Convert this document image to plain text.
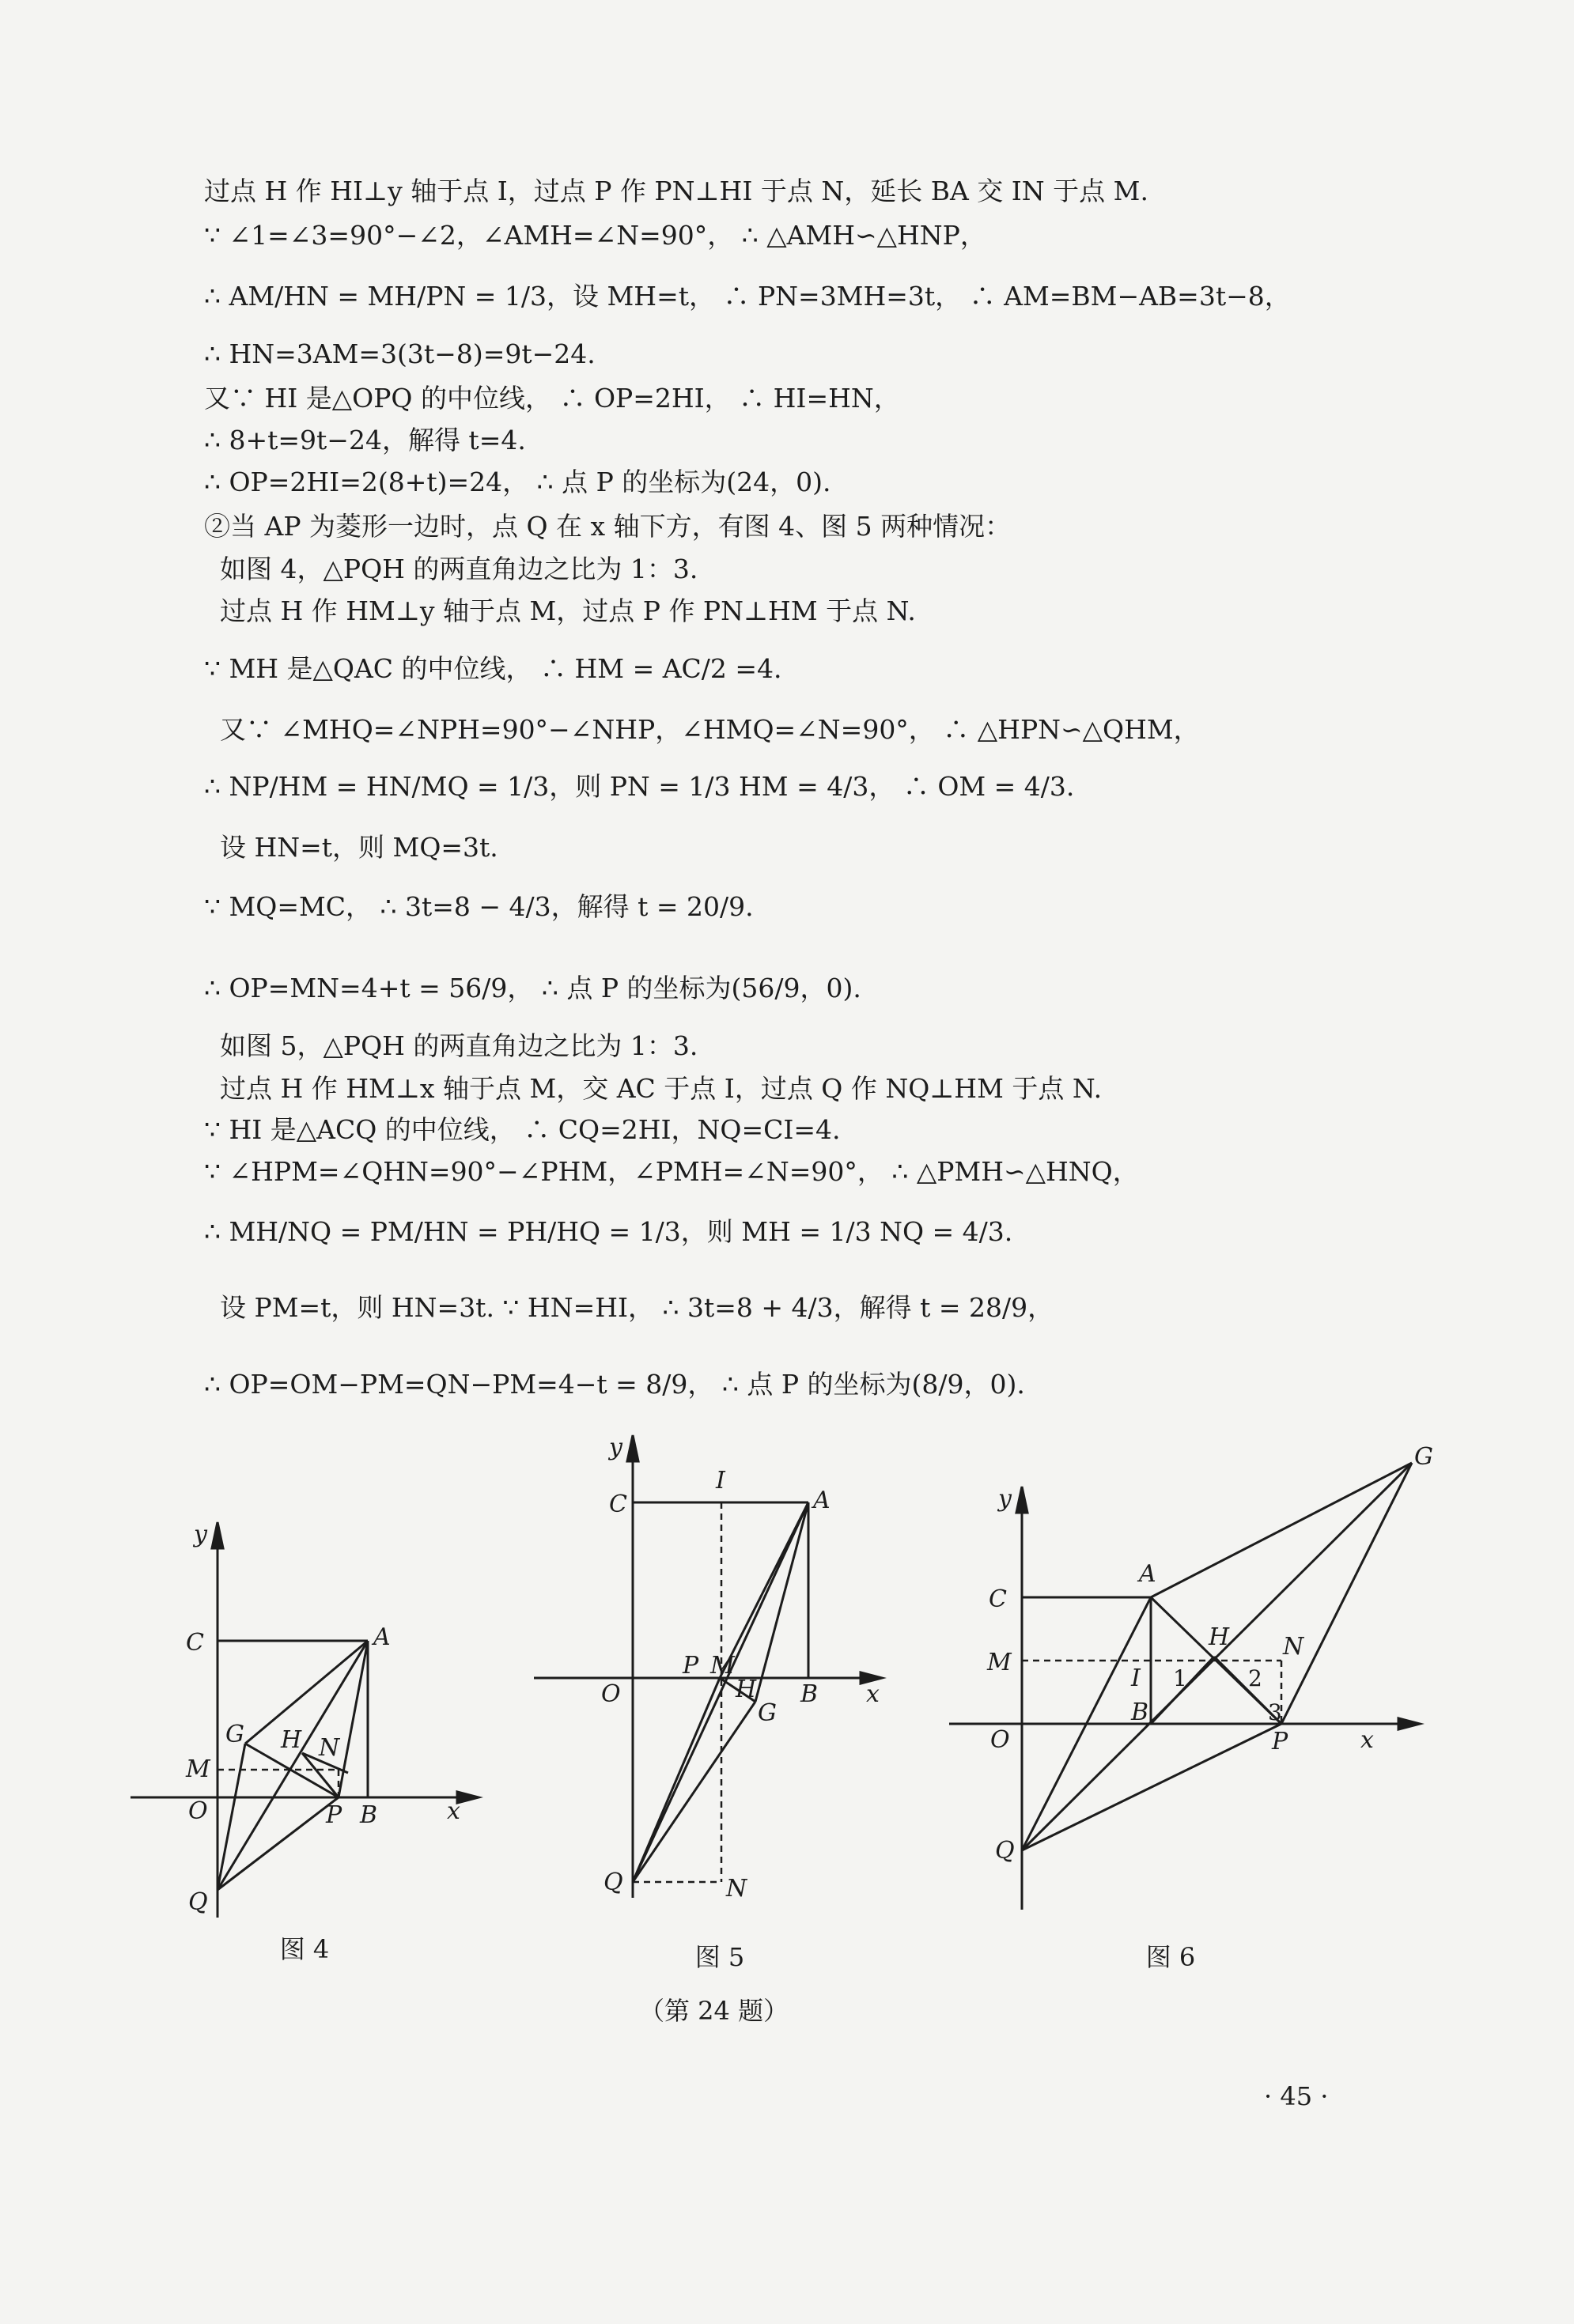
过点 H 作 HI⊥y 轴于点 I，过点 P 作 PN⊥HI 于点 N，延长 BA 交 IN 于点 M.
∵ ∠1=∠3=90°−∠2，∠AMH=∠N=90°， ∴ △AMH∽△HNP，
∴ AM/HN = MH/PN = 1/3，设 MH=t， ∴ PN=3MH=3t， ∴ AM=BM−AB=3t−8，
∴ HN=3AM=3(3t−8)=9t−24.
又∵ HI 是△OPQ 的中位线， ∴ OP=2HI， ∴ HI=HN，
∴ 8+t=9t−24，解得 t=4.
∴ OP=2HI=2(8+t)=24， ∴ 点 P 的坐标为(24，0).
②当 AP 为菱形一边时，点 Q 在 x 轴下方，有图 4、图 5 两种情况：
如图 4，△PQH 的两直角边之比为 1：3.
过点 H 作 HM⊥y 轴于点 M，过点 P 作 PN⊥HM 于点 N.
∵ MH 是△QAC 的中位线， ∴ HM = AC/2 =4.
又∵ ∠MHQ=∠NPH=90°−∠NHP，∠HMQ=∠N=90°， ∴ △HPN∽△QHM，
∴ NP/HM = HN/MQ = 1/3，则 PN = 1/3 HM = 4/3， ∴ OM = 4/3.
设 HN=t，则 MQ=3t.
∵ MQ=MC， ∴ 3t=8 − 4/3，解得 t = 20/9.
∴ OP=MN=4+t = 56/9， ∴ 点 P 的坐标为(56/9，0).
如图 5，△PQH 的两直角边之比为 1：3.
过点 H 作 HM⊥x 轴于点 M，交 AC 于点 I，过点 Q 作 NQ⊥HM 于点 N.
∵ HI 是△ACQ 的中位线， ∴ CQ=2HI，NQ=CI=4.
∵ ∠HPM=∠QHN=90°−∠PHM，∠PMH=∠N=90°， ∴ △PMH∽△HNQ，
∴ MH/NQ = PM/HN = PH/HQ = 1/3，则 MH = 1/3 NQ = 4/3.
设 PM=t，则 HN=3t. ∵ HN=HI， ∴ 3t=8 + 4/3，解得 t = 28/9，
∴ OP=OM−PM=QN−PM=4−t = 8/9， ∴ 点 P 的坐标为(8/9，0).
y
C	A
G H N
M
O	P B	x
Q
图 4
y
C
I
A
P M
H
G
O	B x
Q	N
图 5
G
y
C
A
M
H N
I 1	2
3
B
O	P	x
Q
图 6
（第 24 题）
· 45 ·
